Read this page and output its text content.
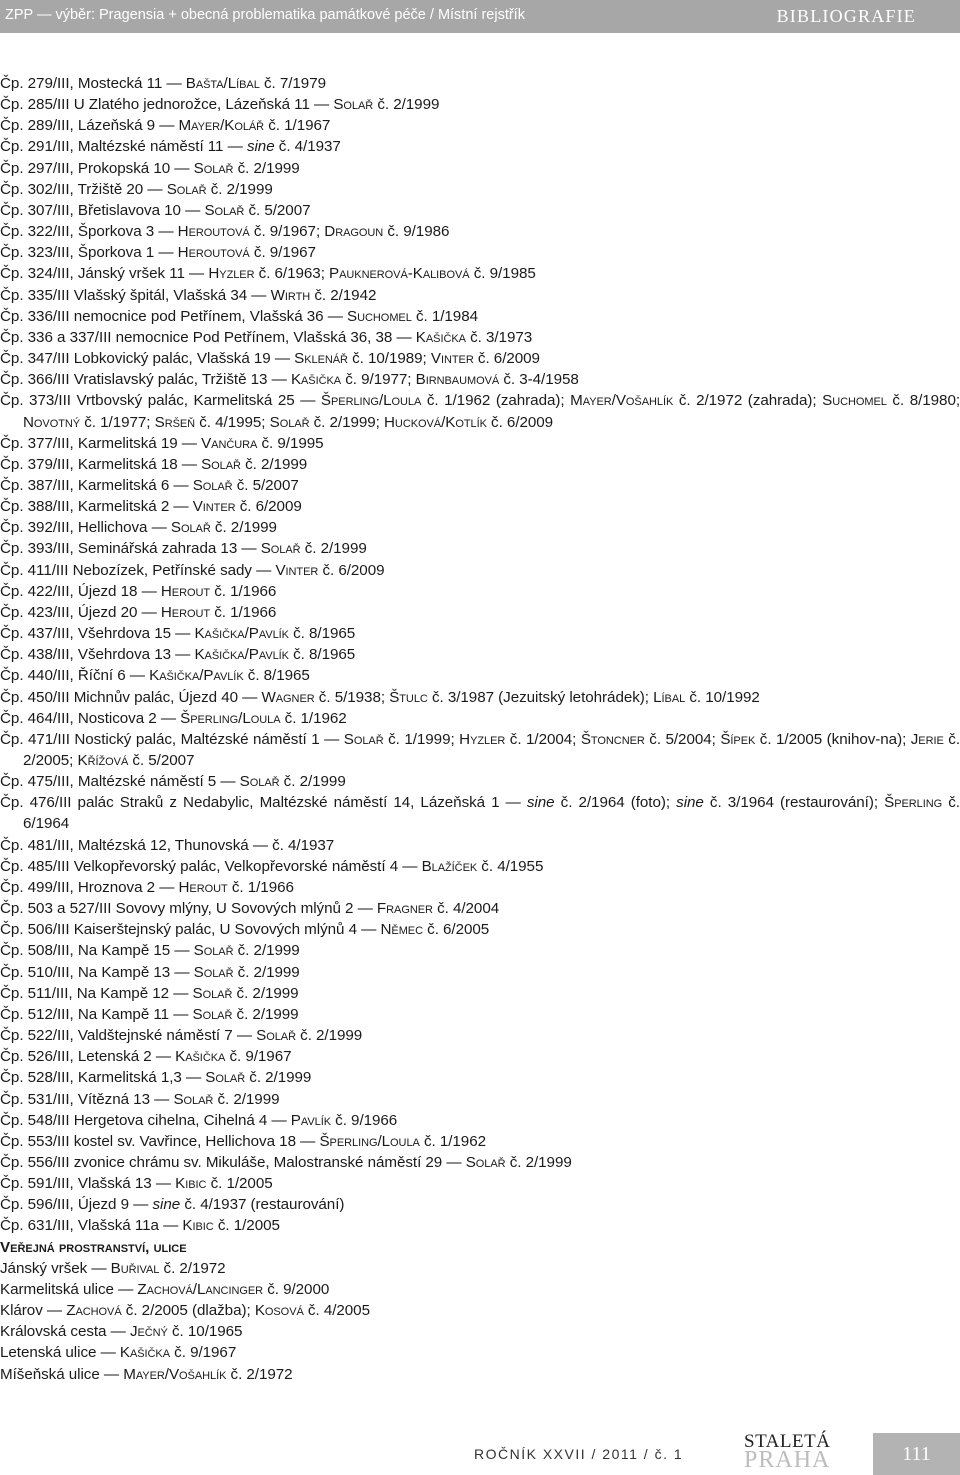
ZPP — výběr: Pragensia + obecná problematika památkové péče / Místní rejstřík	BIBLIOGRAFIE
Čp. 279/III, Mostecká 11 — Bašta/Líbal č. 7/1979
Čp. 285/III U Zlatého jednorožce, Lázeňská 11 — Solař č. 2/1999
Čp. 289/III, Lázeňská 9 — Mayer/Kolář č. 1/1967
Čp. 291/III, Maltézské náměstí 11 — sine č. 4/1937
Čp. 297/III, Prokopská 10 — Solař č. 2/1999
Čp. 302/III, Tržiště 20 — Solař č. 2/1999
Čp. 307/III, Břetislavova 10 — Solař č. 5/2007
Čp. 322/III, Šporkova 3 — Heroutová č. 9/1967; Dragoun č. 9/1986
Čp. 323/III, Šporkova 1 — Heroutová č. 9/1967
Čp. 324/III, Jánský vršek 11 — Hyzler č. 6/1963; Pauknerová-Kalibová č. 9/1985
Čp. 335/III Vlašský špitál, Vlašská 34 — Wirth č. 2/1942
Čp. 336/III nemocnice pod Petřínem, Vlašská 36 — Suchomel č. 1/1984
Čp. 336 a 337/III nemocnice Pod Petřínem, Vlašská 36, 38 — Kašička č. 3/1973
Čp. 347/III Lobkovický palác, Vlašská 19 — Sklenář č. 10/1989; Vinter č. 6/2009
Čp. 366/III Vratislavský palác, Tržiště 13 — Kašička č. 9/1977; Birnbaumová č. 3-4/1958
Čp. 373/III Vrtbovský palác, Karmelitská 25 — Šperling/Loula č. 1/1962 (zahrada); Mayer/Vošahlík č. 2/1972 (zahrada); Suchomel č. 8/1980; Novotný č. 1/1977; Sršeň č. 4/1995; Solař č. 2/1999; Hucková/Kotlík č. 6/2009
Čp. 377/III, Karmelitská 19 — Vančura č. 9/1995
Čp. 379/III, Karmelitská 18 — Solař č. 2/1999
Čp. 387/III, Karmelitská 6 — Solař č. 5/2007
Čp. 388/III, Karmelitská 2 — Vinter č. 6/2009
Čp. 392/III, Hellichova — Solař č. 2/1999
Čp. 393/III, Seminářská zahrada 13 — Solař č. 2/1999
Čp. 411/III Nebozízek, Petřínské sady — Vinter č. 6/2009
Čp. 422/III, Újezd 18 — Herout č. 1/1966
Čp. 423/III, Újezd 20 — Herout č. 1/1966
Čp. 437/III, Všehrdova 15 — Kašička/Pavlík č. 8/1965
Čp. 438/III, Všehrdova 13 — Kašička/Pavlík č. 8/1965
Čp. 440/III, Říční 6 — Kašička/Pavlík č. 8/1965
Čp. 450/III Michnův palác, Újezd 40 — Wagner č. 5/1938; Štulc č. 3/1987 (Jezuitský letohrádek); Líbal č. 10/1992
Čp. 464/III, Nosticova 2 — Šperling/Loula č. 1/1962
Čp. 471/III Nostický palác, Maltézské náměstí 1 — Solař č. 1/1999; Hyzler č. 1/2004; Štoncner č. 5/2004; Šípek č. 1/2005 (knihov-na); Jerie č. 2/2005; Křížová č. 5/2007
Čp. 475/III, Maltézské náměstí 5 — Solař č. 2/1999
Čp. 476/III palác Straků z Nedabylic, Maltézské náměstí 14, Lázeňská 1 — sine č. 2/1964 (foto); sine č. 3/1964 (restaurování); Šperling č. 6/1964
Čp. 481/III, Maltézská 12, Thunovská — č. 4/1937
Čp. 485/III Velkopřevorský palác, Velkopřevorské náměstí 4 — Blažíček č. 4/1955
Čp. 499/III, Hroznova 2 — Herout č. 1/1966
Čp. 503 a 527/III Sovovy mlýny, U Sovových mlýnů 2 — Fragner č. 4/2004
Čp. 506/III Kaiserštejnský palác, U Sovových mlýnů 4 — Němec č. 6/2005
Čp. 508/III, Na Kampě 15 — Solař č. 2/1999
Čp. 510/III, Na Kampě 13 — Solař č. 2/1999
Čp. 511/III, Na Kampě 12 — Solař č. 2/1999
Čp. 512/III, Na Kampě 11 — Solař č. 2/1999
Čp. 522/III, Valdštejnské náměstí 7 — Solař č. 2/1999
Čp. 526/III, Letenská 2 — Kašička č. 9/1967
Čp. 528/III, Karmelitská 1,3 — Solař č. 2/1999
Čp. 531/III, Vítězná 13 — Solař č. 2/1999
Čp. 548/III Hergetova cihelna, Cihelná 4 — Pavlík č. 9/1966
Čp. 553/III kostel sv. Vavřince, Hellichova 18 — Šperling/Loula č. 1/1962
Čp. 556/III zvonice chrámu sv. Mikuláše, Malostranské náměstí 29 — Solař č. 2/1999
Čp. 591/III, Vlašská 13 — Kibic č. 1/2005
Čp. 596/III, Újezd 9 — sine č. 4/1937 (restaurování)
Čp. 631/III, Vlašská 11a — Kibic č. 1/2005
Veřejná prostranství, ulice
Jánský vršek — Buřival č. 2/1972
Karmelitská ulice — Zachová/Lancinger č. 9/2000
Klárov — Zachová č. 2/2005 (dlažba); Kosová č. 4/2005
Královská cesta — Ječný č. 10/1965
Letenská ulice — Kašička č. 9/1967
Míšeňská ulice — Mayer/Vošahlík č. 2/1972
ROČNÍK XXVII / 2011 / č. 1
STALETÁ
PRAHA	111
